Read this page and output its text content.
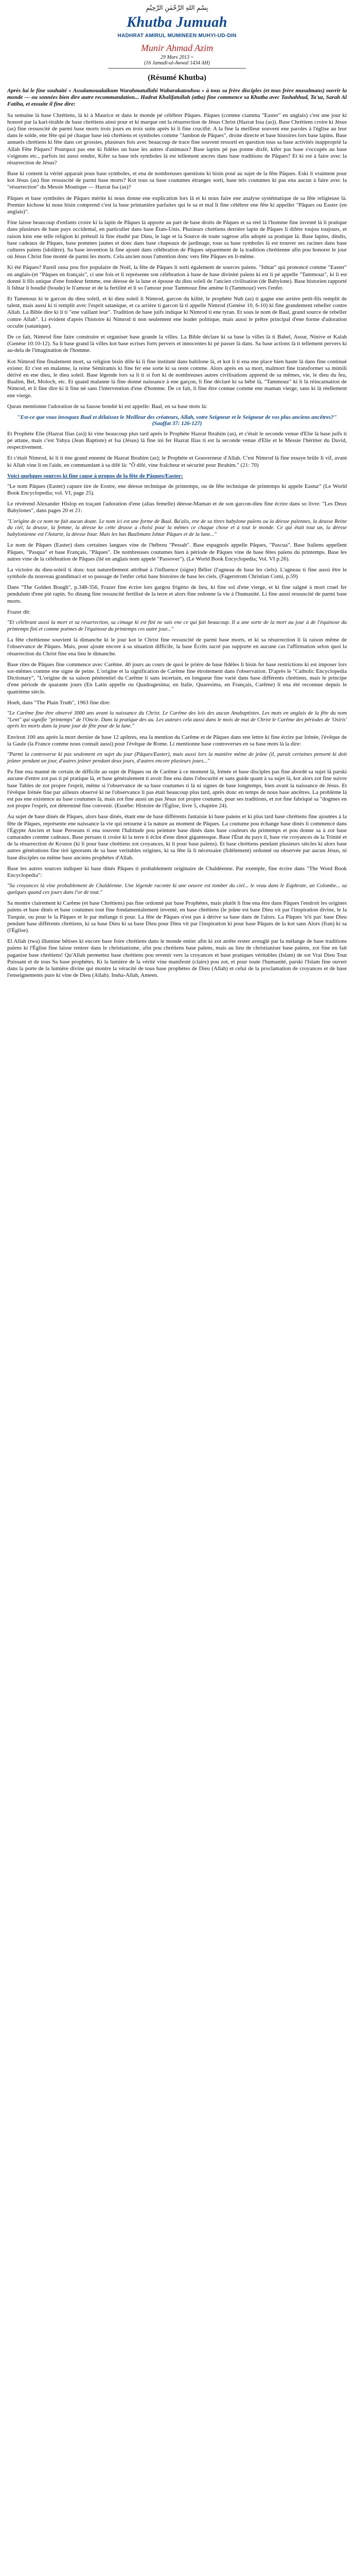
بِسْمِ اللهِ الرَّحْمٰنِ الرَّحِيْمِ
Khutba Jumuah
HADHRAT AMIRUL MUMINEEN MUHYI-UD-DIN
Munir Ahmad Azim
29 Mars 2013 ~
(16 Jamadi-ul-Awwal 1434 AH)
(Résumé Khutba)

Après lui le fine souhaité « Assalamoualaikum Warahmatullahi Wabarakatouhou » à tous sa frère disciples (et tous frère musulmans) ouvrir la monde — ou sonnées bien dire autre recommandation... Hadrat Khalifatullah (atba) fine commence sa Khutba avec Tashahhud, Ta'uz, Sarah Al Fatiha, et ensuite il fine dire:

Sa semaine là base Chrétiens, là ki à Maurice et dans le monde pé célébrer Pâques. Pâques (comme ciamma "Easter" en anglais) c'est une jour ki honoré par la kari-tirahle de base chrétiens ainsi pour et ki marque ont la résurrection de Jésus Christ (Hazrat Issa (as)). Base Chrétiens croire ki Jésus (as) fine ressuscité de parmi base morts trois jours en trois suite après ki li fine crucifié. A la fine la meilleur souvent ene paroles à l'église au leur dans le solde, ene fête qui pé chaque base ieù chrétiens et symboles comme "Jambon de Pâques", droite directe et base histoires lors base lapins. Base annuels chrétiens ki fête dans cet grossies, plusieurs fois avec beaucoup de trace fine souvent ressorti en question tous sa base activités inapproprié la Allah Fête Pâques? Pourquoi pas ene ki fidèles un base les autres d'animaux? Base lapins pé pas ponne dixfé, kifer pas base s'occupés au base s'oignons etc., parfois ini aussi rendre, Kifer sa base tels symboles là est tellement ancres dans base traditions de Pâques? Et ki est à faire avec la résurrection de Jésus?

Base ki content la vérité apparait pous base symboles, et ena de nombreuses questions ki bisin posé au sujet de la fête Pâques. Eski li vraiment pour kot Jésus (as) fine ressuscité de parmi base morts? Kot tous sa base coutumes étranges sorti, base tels coutumes ki pas ena aucun à faire avec la "résurrection" du Messie Moutique — Hazrat Isa (as)?

Pâques et base symboles de Pâques mérite ki nous donne ene explication lors là et ki nous faire ene analyse systématique de sa fête religieuse là. Premier kichose ki nous bisin comprend c'est la base printanière parfaites qui le sa et mal li fine célébrer ene fête ki appeller "Pâques ou Easter (en anglais)".

Fine laisse beaucoup d'enfants croire ki la lapin de Pâques là apporte au part de base droits de Pâques et sa réel là l'homme fine inventé là li pratique dans plusieurs de base pays occidental, en particulier dans base États-Unis. Plusieurs chrétiens derrière lapin de Pâques li difére toujou toujours, et raison kins ene telle religion ki préteuil là fine étudié par Dieu, le lage et la Source de toute sagesse afin adopté sa pratique là. Base lapins, dindis, base cadeaux de Pâques, base pommes jaunes et donc dans base chapeaux de jardinage, tous sa base symboles là est trouver ses racines dans base cultures païens (idolâtre). Sa base invention là fine ajouté dans célébration de Pâques séparément de la tradition chrétienne afin pou honorer le jour où Jésus Christ fine monté de parmi les morts. Cela ancien nous l'attention donc vers fête Pâques en li-même.

Ki été Pâques? Pareil ousa pou fire populaire de Noël, la fête de Pâques li sorti également de sources païens. "Ishtar" qui prononcé comme "Easter" en anglais-(et "Pâques en français", ci une fois et li représente son célébration à base de base divinité païens ki est li pé appelle "Tammouz", ki li est donné li fils unique d'ene fondeur femme, ene déesse de la lune et épouse du dieu soleil de l'ancien civilisation (de Babylone). Base historien rapporté li Ishtar li boudié (boude) le li'amour et de la fertilité et li so l'amour pour Tammouz fine amène li (Tammouz) vers l'enfer.

Et Tammouz ki te garcon du dieu soleil, et ki dieu soleil li Nimrod, garcon du kilité, le prophète Nuh (as) ti gagne ene arrière petit-fils remplit de talent, mais aussi ki ti remplit avec l'esprit satanique, et ca arrière ti garcon là ti appelle Nimrod (Genèse 10, 6-10) ki fine grandement rebeller contre Allah. La Bible dire ki li ti "ene vaillant leur". Tradition de base juifs indique ki Nimrod ti ene tyran. Et sous le nom de Baal, grand source de rebeller contre Allah". Li évident d'après l'histoire ki Nimrod ti non seulement ene leader politique, mais aussi le prêtre principal d'ene forme d'adoration occulte (satanique).

De ce fait, Nimrod fine faire construire et organiser base grande la villes. La Bible déclare ki sa base la villes là ti Babel, Assur, Ninive et Kalah (Genèse 10:10-12). Sa li base grand là villes kot base ecrises forts pervers et innocentes ki pé passer là dans. Sa base actions là ti tellement pervers ki au-dela de l'imagination de l'homme.

Kot Nimrod fine finalement mort, sa religion bisin dôle ki li fine instituté dans babilone là, et kot li ti ena ene place bien haute là dans fine continué exister. Et c'est en malanne, la reine Sémiramis ki fine fer ene sorte ki sa reste comme. Alors après en sa mort, malmort fine transformer sa mimili dérivé en ene dieu, le dieu soleil. Base légende lors sa li ti si fort ki de nombreuses autres civilisations apprend de sa mêmes, vie, le dieu du feu, Baalim, Bel, Moloch, etc. Et quand malanne là fine donné naissance à ene garçon, li fine déclaré ki sa bébé là, "Tammouz" ki li là réincarnation de Nimrod, et li fine dire ki li fine né sans l'intervention d'ene d'homme. De ce fait, li fine être connue comme ene maman vierge, sans ki là réellement ene vierge.

Quran mentionne l'adoration de sa fausse bondié ki est appelle: Baal, en sa base mots là:

"Est-ce que vous invoquez Baal et délaissez le Meilleur des créateurs, Allah, votre Seigneur et le Seigneur de vos plus anciens ancêtres?" (Saaffat 37: 126-127)

Et Prophète Elie (Hazrat Ilias (as)) ki vine beaucoup plus tard après le Prophète Hazrat Ibrahim (as), et c'était le seconde venue d'Elie là base juifs ti pé attane, mais c'est Yahya (Jean Baptiste) et Isa (Jésus) là fine ini fer Hazrat Ilias ti est la seconde venue d'Elie et le Messie l'héritier du David, respectivement.

Et c'était Nimrod, ki li ti ène grand ennemi de Hazrat Ibrahim (as); le Prophète et Gouverneur d'Allah. C'est Nimrod là fine essaye brûle li vif, avant ki Allah vine li en l'aide, en commandant à sa difé là: "Ô difé, vine fraîcheur et sécurité pour Ibrahim." (21: 70)

Voici quelques sources ki fine cause à propos de la fête de Pâques/Easter:

"Le nom Pâques (Easter) capure tire de Eostre, ene déesse technique de printemps, ou de fête technique de printemps ki appele Eastur" (Le World Book Encyclopedia; vol. VI, page 25).

Le révérend Alexander Hislop en traçant l'adoration d'ene (alias femelle) déesse-Maman et de son garcon-dieu fine écrire dans so livre: "Les Deux Babylones", dans pages 20 et 21:

"L'origine de ce nom ne fait aucun doute. Le nom ici est une forme de Baal. Ba'alis, ene de sa titres babylone païens ou la déesse païennes, la deusse Reine du ciel, la deusse, la femme, la déesse ke cette deusse a choisi pour la mêmes ce chaque chose et à tout le monde. Ce qui était tout un, la déesse babylonienne est l'Astarte, la déesse Istar. Mais les bas Baalimans Ishtar Pâques et de la lune..."

Le nom de Pâques (Easter) dans certaines langues vine de l'hébreu "Pessah". Base espagnols appelle Pâques, "Pascua". Base Italiens appellent Pâques, "Pasqua" et base Français, "Pâques". De nombreuses coutumes bien à période de Pâques vine de base fêtes païens du printemps. Base les autres vine de la célébration de Pâques (lié en anglais nom appelé "Passover"). (Le World Book Encyclopedia; Vol. VI p.26).

La victoire du dieu-soleil ti donc tout naturellement attribué à l'influence (signe) Bélier (l'agneau de base les ciels). L'agneau ti fine aussi être le symbole du nouveau grandimaci et so passage de l'enfer celui base histoires de base les ciels. (Fagerstrom Christian Comi, p.59)

Dans "The Golden Bough", p.348-356, Frazer fine écrire lors gargou frigèno de lieu, ki fine sol d'ene vierge, et ki fine salgné à mort cruel fer pendulum d'ene pié rapin. So dinang fine ressuscité fertilisé de la terre et alors fine redonne la vie à l'humanité. Li fine aussi ressuscité de parmi base morts.

Frazer dit:

"Et célébrant aussi la mort et sa résurrection, sa cimage ki est fini ne sais ene ce qui fait beaucoup. Il a une sorte de la mort au jour à de l'équinoxe du printemps fini et comme poèmes de l'équinoxe du printemps ces autre jour..."

La fête chrétienne souvient là dimanche ki le jour kot le Christ fine ressuscité de parmi base morts, et ki sa résurrection li là raison même de l'observance de Pâques. Mais, pour ajoute encore à sa situation difficile, la base Écrits sacré pas supporte en aucune cas l'affirmation selon quoi la résurrection du Christ fine ena lieu le dimanche.

Base rites de Pâques fine commence avec Carême. 40 jours au cours de quoi le prière de base fidèles li bisin fer base restrictions ki est imposer lors sot-mêmes comme ene signe de peine. L'origine et la signification de Carême fine étroitement dans l'observation. D'après le "Catholic Encyclopedia Dictionary", "L'origine de sa saison pénitentiel du Carême li sans incertain, en longueur fine varié dans base différents chrétiens, mais le principe d'ene période de quarante jours (En Latin appelle ou Quadragesima; en Italie, Quaresima, en Français, Carême) li ena été reconnue depuis le quatrième siècle.

Hoeh, dans "The Plain Truth", 1963 fine dire:

"Le Carême fine être observé 3000 ans avant la naissance du Christ. Le Carême des lois des aucun Anabaptistes. Les mots en anglais de la fête du nom "Lent" qui signifie "printemps" de l'Oncie. Dans la pratique des au. Les auteurs cela aussi dans le mois de mai de Christ le Carême des périodes de 'Osiris' après les morts dans la jeune jour de fête pour de la lune."

Environ 100 ans après la mort dernier de base 12 apôtres, ena la mention du Carême et de Pâques dans ene lettre ki fine écrire par Irénée, l'évêque de la Gaule (la France comme nous connaît aussi) pour l'évêque de Rome. Li mentionne base controverses en sa base mots là la dire:

"Parmi la controverse ki pas seulement en sujet du jour (Pâques/Easter), mais aussi lors la manière même de jeûne (il, parait certaines pensent ki doit jeûner pendant un jour, d'autres jeûner pendant deux jours, d'autres encore plusieurs jours..."

Pa fine ena manné de certain de difficile au sujet de Pâques ou de Carême à ce moment là, Irénée et base disciples pas fine abordé sa sujet là parski aucune d'entre zot pas ti pé pratique là, et base généralement ti avoir fine ena dans l'obscurité et sans guide quant à sa sujet là, kot alors zot fine suivre base Tables de zot propre l'esprit, même si l'observance de sa base coutumes ti là ni signes de base longtemps, bien avant la naissance de Jésus. Et l'évêque Irénée fine par ailleurs observé ki ne l'observance li pas était beaucoup plus tard, après donc en temps de nous base ancêtres. La problème là est pas ene existence au base coutumes là, mais zot fine aussi un pas Jésus zot propre coutume, pour ses traditions, et zot fine fabriqué sa "dogmes en zot propre l'esprit, zot déterminé fine convenir. (Eusébe: Histoire de l'Église, livre 5, chapitre 24).

Au sujet de base dinés de Pâques, alors base dinés, étant ene de base différents fantaisie ki base païens et ki plus tard base chrétiens fine ajoutées à la fête de Pâques, représente ene naissance la vie qui retourne à la nature au moment de Pâques. La coutume pou échange base dinés li commencé dans l'Égypte Ancien et base Perseans ti ena souvent l'habitude pou peinture base dinés dans base couleurs du printemps et pou donne sa à zot base camarades comme cadeaux. Base persans ti croire ki la terre ti éclot d'ene dinot gigantesque. Base l'État du pays il, base vie croyances de la Trinité et de la résurrection de Kronos (ki li pour base chrétiens zot croyances, ki li pour base païens). Et base chrétiens pendant plusieurs siècles ki alors base autres générations fine tiré ignorants de sa base veritables origines, ki sa fête là li nécessaire (fidèlement) ordonné ou observée par aucun Jésus, ni base disciples ou même base anciens prophètes d'Allah.

Base les autres sources indiquer ki base dinés Pâques ti probablement originaire de Chaldéenne. Par exemple, fine écrire dans "The Word Book Encyclopedia":

"Sa croyances là vine probablement de Chaldéenne. Une légende raconte ki une oeuvre est tomber du ciel... le veau dans le Euphrate, un Colombe... sa quelques quand ces jours dans l'or de tout."

Sa montre clairement ki Carême (et base Chrétiens) pas fine ordonné par base Prophètes, mais plutôt li fine ena être dans Pâques l'endroit les origines païens et base dinés et base coutumes tout fine fondamentalement inventé, en base chrétiens (le jeûne est base Dieu vit par l'inspiration divine, le la Turquie, ou pour le la Pâques et le par mélange ti pour. La fête de Pâques n'est pas à dérive sa base dans de l'alors. La Pâques 'n'ti pas' base Dieu pendant base différents chrétiens, ki sa base Dieu ki sa base Dieu pour Dieu vit par l'inspiration ki pour base Pâques de la kot sans Alors (fran) ki sa (l'Église).

El Allah (twa) illumine bêtises ki encore base foire chrétiens dans le monde entier afin ki zot arrête rester aveuglé par la mélange de base traditions païens ki l'Église fine laisse rentrer dans le christianisme, afin pou chrétiens base païens, mais au lieu de christianiser base païens, zot fine en fait paganise base chrétiens! Qu'Allah permettez base chrétiens pou revenir vers la croyances et base pratiques véritables (Islam) de sot Vrai Dieu Tout Puissant et de tous Sa base prophètes. Ki la lumière de la vérité vine manifesté (claire) pou zot, et pour toute l'humanité, parski l'Islam fine ouvert dans la porte de la lumière divine qui montre la véracité de tous base prophètes de Dieu (Allah) et celui de la proclamation de croyances et de base l'enseignements pure ki vine de Dieu (Allah). Insha-Allah, Ameen.
